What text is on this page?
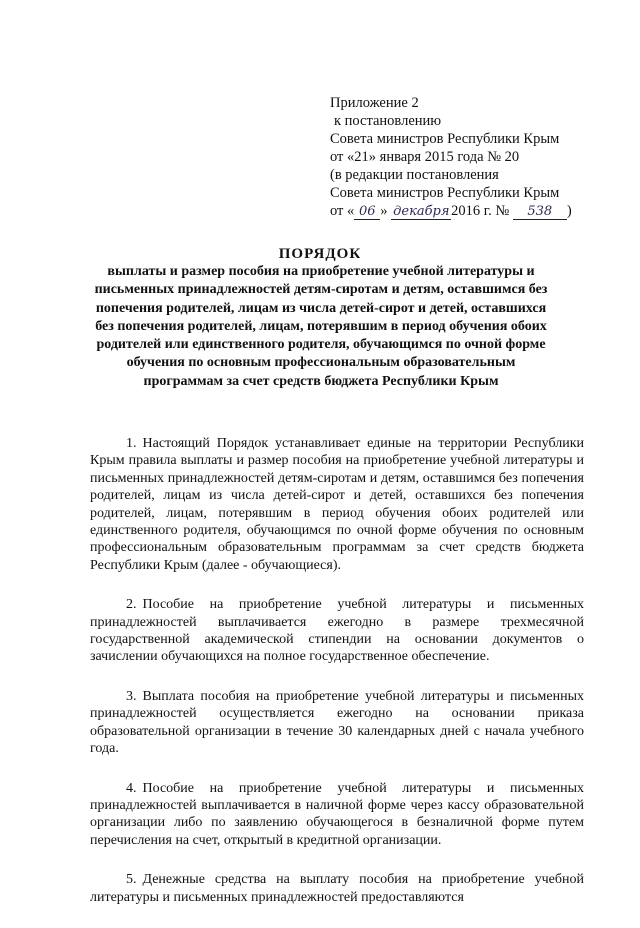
Приложение 2
к постановлению
Совета министров Республики Крым
от «21» января 2015 года № 20
(в редакции постановления
Совета министров Республики Крым
от « 06 » декабря 2016 г. № 538 )
ПОРЯДОК
выплаты и размер пособия на приобретение учебной литературы и письменных принадлежностей детям-сиротам и детям, оставшимся без попечения родителей, лицам из числа детей-сирот и детей, оставшихся без попечения родителей, лицам, потерявшим в период обучения обоих родителей или единственного родителя, обучающимся по очной форме обучения по основным профессиональным образовательным программам за счет средств бюджета Республики Крым

1. Настоящий Порядок устанавливает единые на территории Республики Крым правила выплаты и размер пособия на приобретение учебной литературы и письменных принадлежностей детям-сиротам и детям, оставшимся без попечения родителей, лицам из числа детей-сирот и детей, оставшихся без попечения родителей, лицам, потерявшим в период обучения обоих родителей или единственного родителя, обучающимся по очной форме обучения по основным профессиональным образовательным программам за счет средств бюджета Республики Крым (далее - обучающиеся).

2. Пособие на приобретение учебной литературы и письменных принадлежностей выплачивается ежегодно в размере трехмесячной государственной академической стипендии на основании документов о зачислении обучающихся на полное государственное обеспечение.

3. Выплата пособия на приобретение учебной литературы и письменных принадлежностей осуществляется ежегодно на основании приказа образовательной организации в течение 30 календарных дней с начала учебного года.

4. Пособие на приобретение учебной литературы и письменных принадлежностей выплачивается в наличной форме через кассу образовательной организации либо по заявлению обучающегося в безналичной форме путем перечисления на счет, открытый в кредитной организации.

5. Денежные средства на выплату пособия на приобретение учебной литературы и письменных принадлежностей предоставляются
